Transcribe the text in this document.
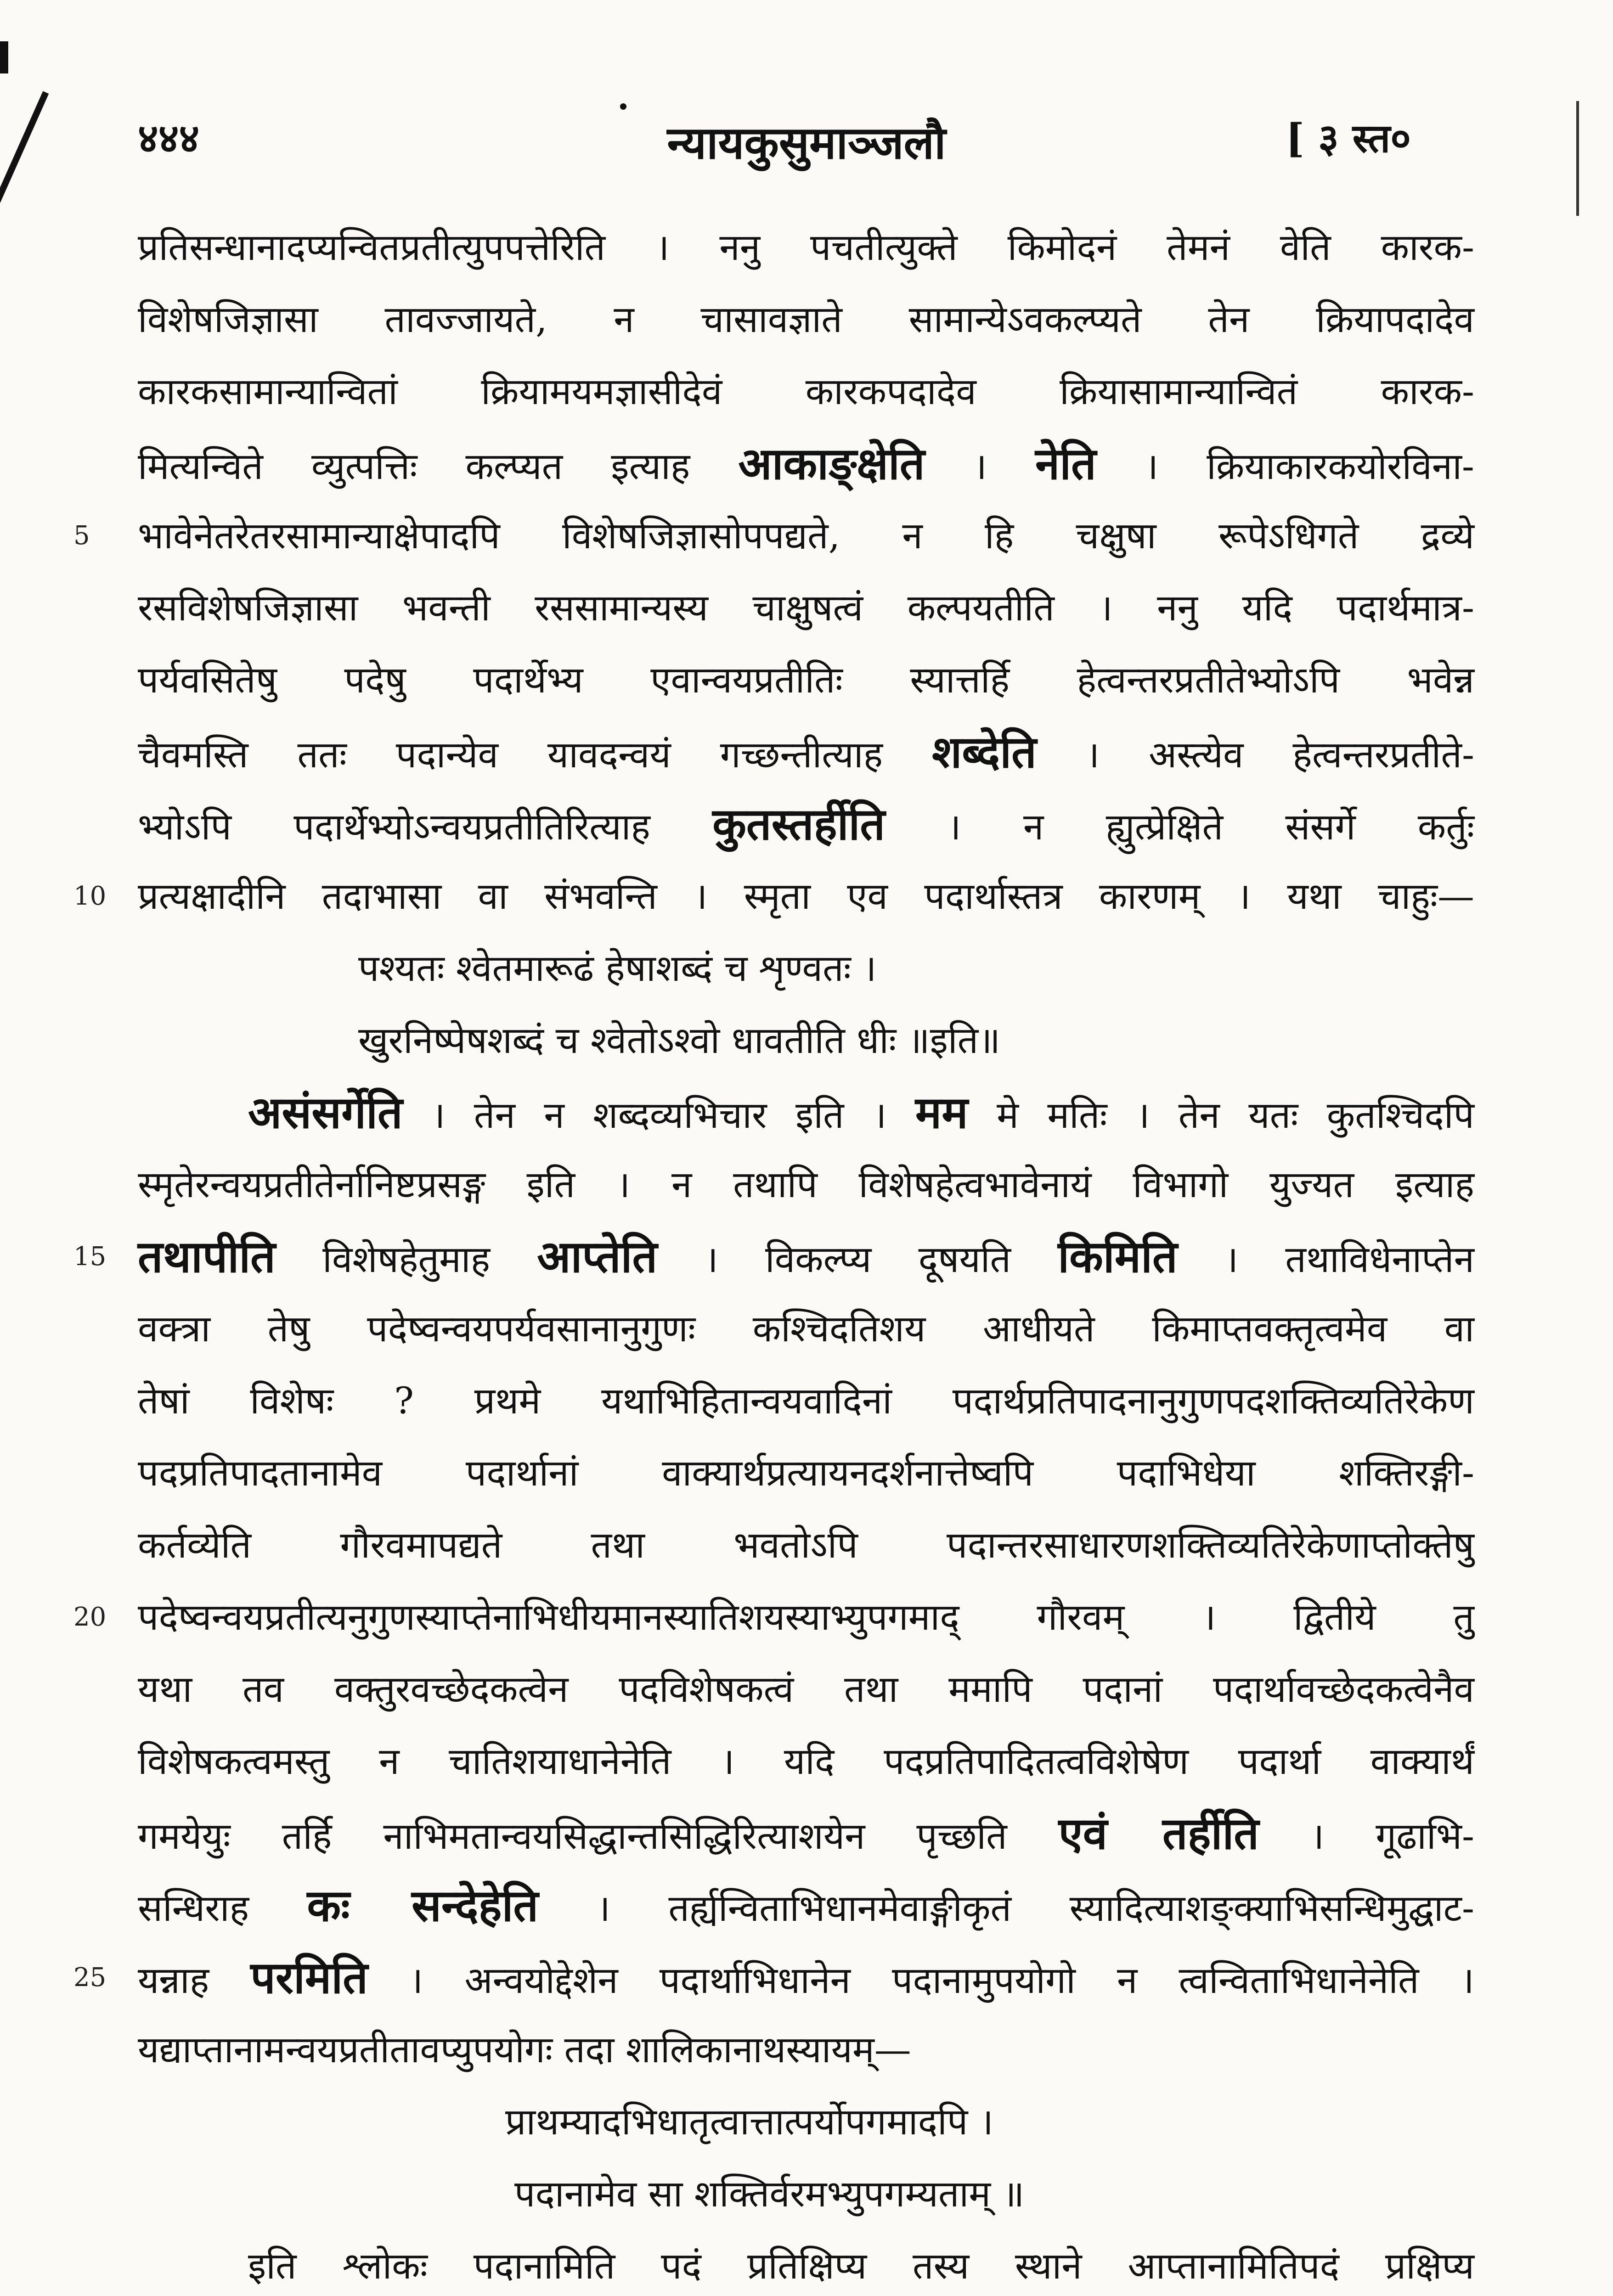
४४४	न्यायकुसुमाञ्जलौ	[ ३ स्त०
प्रतिसन्धानादप्यन्वितप्रतीत्युपपत्तेरिति । ननु पचतीत्युक्ते किमोदनं तेमनं वेति कारक-
विशेषजिज्ञासा तावज्जायते, न चासावज्ञाते सामान्येऽवकल्प्यते तेन क्रियापदादेव
कारकसामान्यान्वितां क्रियामयमज्ञासीदेवं कारकपदादेव क्रियासामान्यान्वितं कारक-
मित्यन्विते व्युत्पत्तिः कल्प्यत इत्याह आकाङ्क्षेति । नेति । क्रियाकारकयोरविना-
5 भावेनेतरेतरसामान्याक्षेपादपि विशेषजिज्ञासोपपद्यते, न हि चक्षुषा रूपेऽधिगते द्रव्ये
रसविशेषजिज्ञासा भवन्ती रससामान्यस्य चाक्षुषत्वं कल्पयतीति । ननु यदि पदार्थमात्र-
पर्यवसितेषु पदेषु पदार्थेभ्य एवान्वयप्रतीतिः स्यात्तर्हि हेत्वन्तरप्रतीतेभ्योऽपि भवेन्न
चैवमस्ति ततः पदान्येव यावदन्वयं गच्छन्तीत्याह शब्देति । अस्त्येव हेत्वन्तरप्रतीते-
भ्योऽपि पदार्थेभ्योऽन्वयप्रतीतिरित्याह कुतस्तर्हीति । न ह्युत्प्रेक्षिते संसर्गे कर्तुः
10 प्रत्यक्षादीनि तदाभासा वा संभवन्ति । स्मृता एव पदार्थास्तत्र कारणम् । यथा चाहुः—
पश्यतः श्वेतमारूढं हेषाशब्दं च शृण्वतः ।
खुरनिष्पेषशब्दं च श्वेतोऽश्वो धावतीति धीः ॥इति॥
असंसर्गेति । तेन न शब्दव्यभिचार इति । मम मे मतिः । तेन यतः कुतश्चिदपि
स्मृतेरन्वयप्रतीतेर्नानिष्टप्रसङ्ग इति । न तथापि विशेषहेत्वभावेनायं विभागो युज्यत इत्याह
15 तथापीति विशेषहेतुमाह आप्तेति । विकल्प्य दूषयति किमिति । तथाविधेनाप्तेन
वक्त्रा तेषु पदेष्वन्वयपर्यवसानानुगुणः कश्चिदतिशय आधीयते किमाप्तवक्तृत्वमेव वा
तेषां विशेषः ? प्रथमे यथाभिहितान्वयवादिनां पदार्थप्रतिपादनानुगुणपदशक्तिव्यतिरेकेण
पदप्रतिपादतानामेव पदार्थानां वाक्यार्थप्रत्यायनदर्शनात्तेष्वपि पदाभिधेया शक्तिरङ्गी-
कर्तव्येति गौरवमापद्यते तथा भवतोऽपि पदान्तरसाधारणशक्तिव्यतिरेकेणाप्तोक्तेषु
20 पदेष्वन्वयप्रतीत्यनुगुणस्याप्तेनाभिधीयमानस्यातिशयस्याभ्युपगमाद् गौरवम् । द्वितीये तु
यथा तव वक्तुरवच्छेदकत्वेन पदविशेषकत्वं तथा ममापि पदानां पदार्थावच्छेदकत्वेनैव
विशेषकत्वमस्तु न चातिशयाधानेनेति । यदि पदप्रतिपादितत्वविशेषेण पदार्था वाक्यार्थं
गमयेयुः तर्हि नाभिमतान्वयसिद्धान्तसिद्धिरित्याशयेन पृच्छति एवं तर्हीति । गूढाभि-
सन्धिराह कः सन्देहेति । तर्ह्यन्विताभिधानमेवाङ्गीकृतं स्यादित्याशङ्क्याभिसन्धिमुद्घाट-
25 यन्नाह परमिति । अन्वयोद्देशेन पदार्थाभिधानेन पदानामुपयोगो न त्वन्विताभिधानेनेति ।
यद्याप्तानामन्वयप्रतीतावप्युपयोगः तदा शालिकानाथस्यायम्—
प्राथम्यादभिधातृत्वात्तात्पर्योपगमादपि ।
पदानामेव सा शक्तिर्वरमभ्युपगम्यताम् ॥
इति श्लोकः पदानामिति पदं प्रतिक्षिप्य तस्य स्थाने आप्तानामितिपदं प्रक्षिप्य
